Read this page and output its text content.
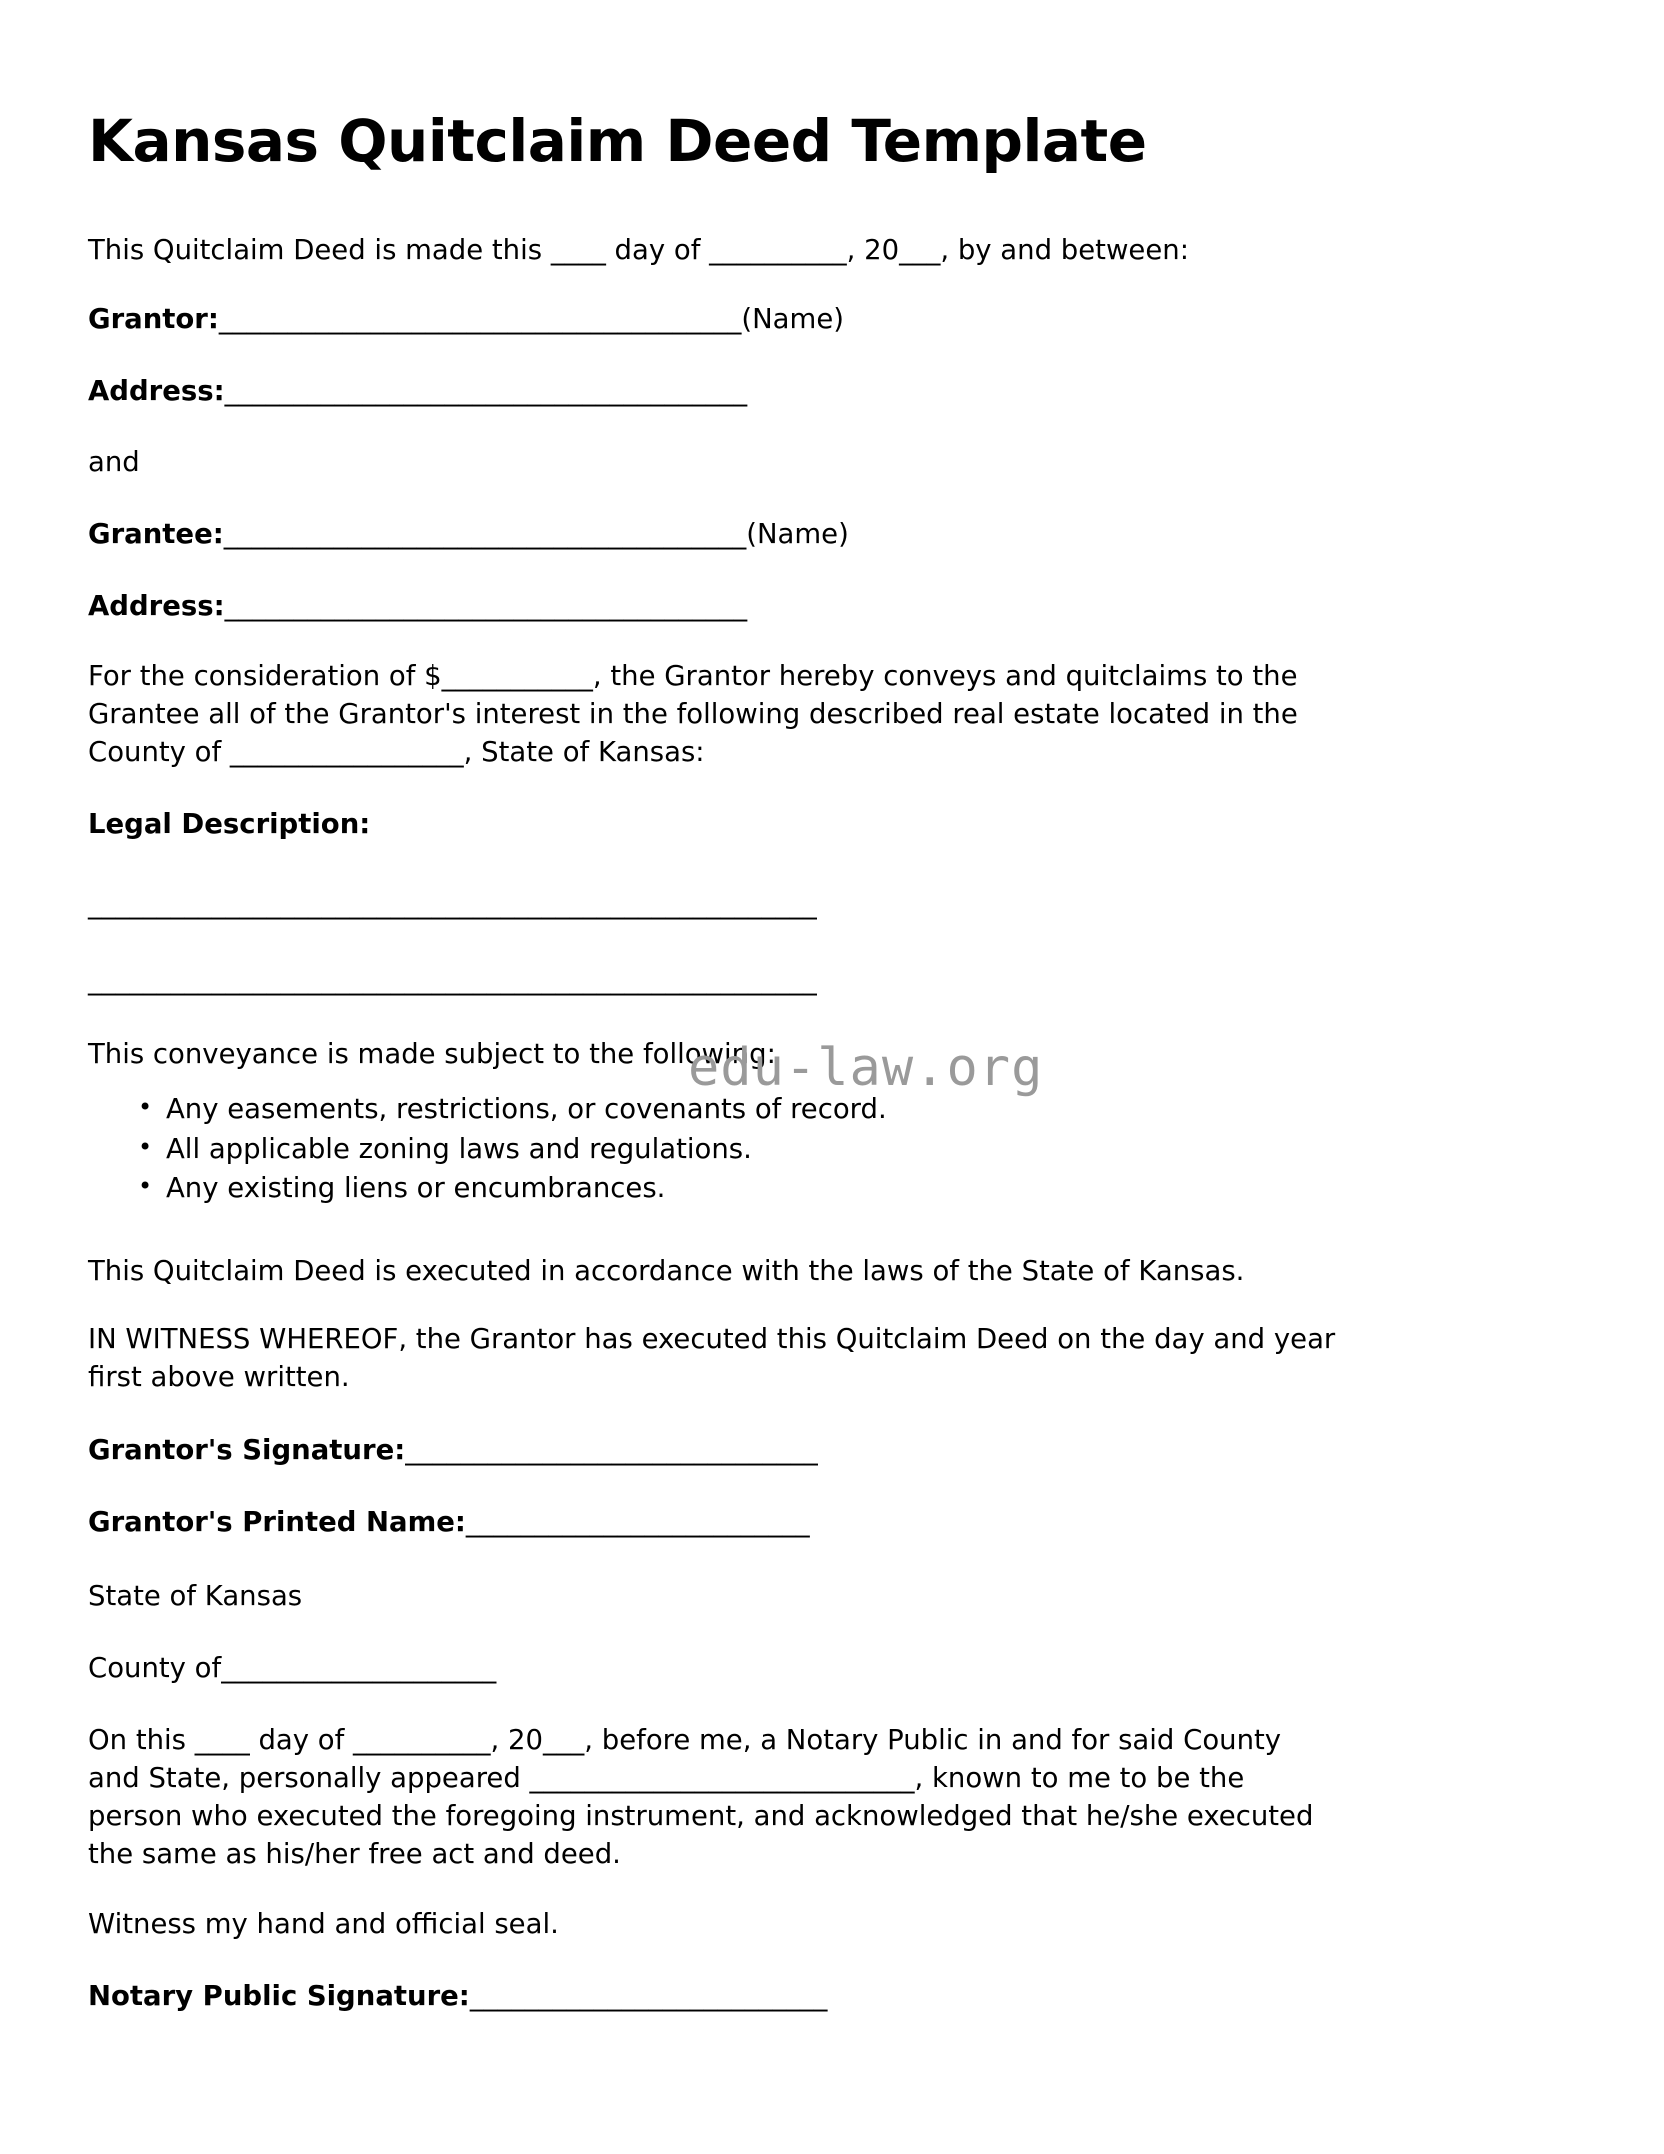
Kansas Quitclaim Deed Template

This Quitclaim Deed is made this ____ day of __________, 20___, by and between:

Grantor:______________________________________(Name)

Address:______________________________________

and

Grantee:______________________________________(Name)

Address:______________________________________

For the consideration of $___________, the Grantor hereby conveys and quitclaims to the

Grantee all of the Grantor's interest in the following described real estate located in the

County of _________________, State of Kansas:

Legal Description:

_____________________________________________________

_____________________________________________________

This conveyance is made subject to the following:

• Any easements, restrictions, or covenants of record.
• All applicable zoning laws and regulations.
• Any existing liens or encumbrances.

This Quitclaim Deed is executed in accordance with the laws of the State of Kansas.

IN WITNESS WHEREOF, the Grantor has executed this Quitclaim Deed on the day and year

first above written.

Grantor's Signature:______________________________

Grantor's Printed Name:_________________________

State of Kansas

County of____________________

On this ____ day of __________, 20___, before me, a Notary Public in and for said County

and State, personally appeared ____________________________, known to me to be the

person who executed the foregoing instrument, and acknowledged that he/she executed

the same as his/her free act and deed.

Witness my hand and official seal.

Notary Public Signature:__________________________

edu-law.org
